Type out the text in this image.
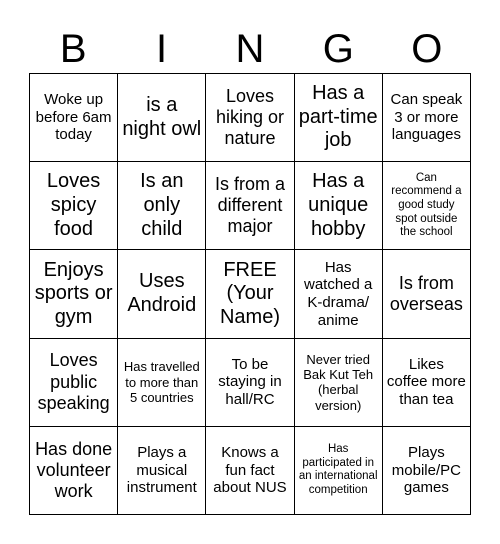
B	I	N	G	O
Woke up before 6am today
is a night owl
Loves hiking or nature
Has a part-time job
Can speak 3 or more languages
Loves spicy food
Is an only child
Is from a different major
Has a unique hobby
Can recommend a good study spot outside the school
Enjoys sports or gym
Uses Android
FREE (Your Name)
Has watched a K-drama/ anime
Is from overseas
Loves public speaking
Has travelled to more than 5 countries
To be staying in hall/RC
Never tried Bak Kut Teh (herbal version)
Likes coffee more than tea
Has done volunteer work
Plays a musical instrument
Knows a fun fact about NUS
Has participated in an international competition
Plays mobile/PC games
